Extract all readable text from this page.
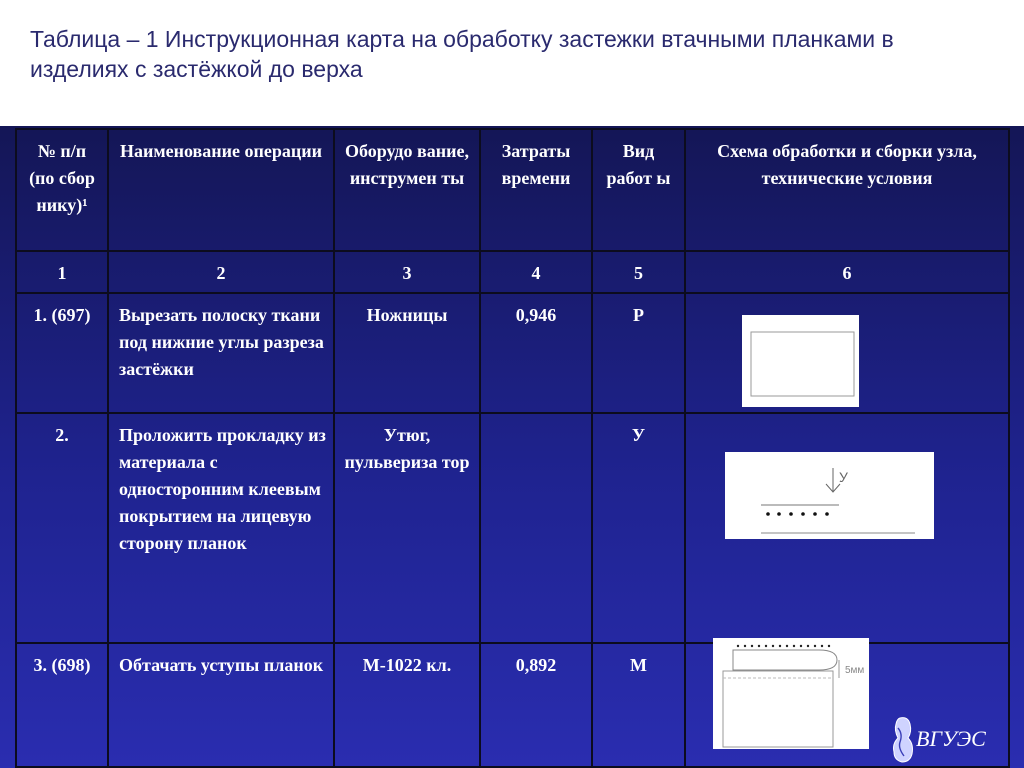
Таблица – 1 Инструкционная карта на обработку застежки втачными планками в изделиях с застёжкой до верха
№ п/п (по сбор нику)¹	Наименование операции	Оборудо вание, инструмен ты	Затраты времени	Вид работ ы	Схема обработки и сборки узла, технические условия
1	2	3	4	5	6
1. (697)	Вырезать полоску ткани под нижние углы разреза застёжки	Ножницы	0,946	Р	
2.	Проложить прокладку из материала с односторонним клеевым покрытием на лицевую сторону планок	Утюг, пульвериза тор		У	
3. (698)	Обтачать уступы планок	М-1022 кл.	0,892	М	
У
5мм
ВГУЭС
